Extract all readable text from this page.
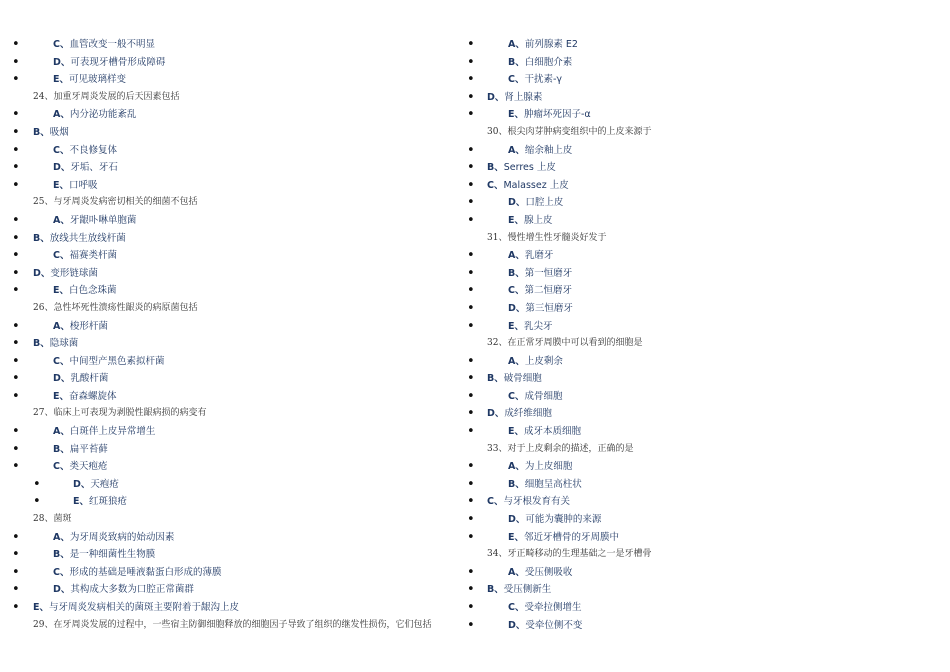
•	C、血管改变一般不明显
•	D、可表现牙槽骨形成障碍
•	E、可见玻璃样变
24、加重牙周炎发展的后天因素包括
•	A、内分泌功能紊乱
• B、吸烟
•	C、不良修复体
•	D、牙垢、牙石
•	E、口呼吸
25、与牙周炎发病密切相关的细菌不包括
•	A、牙龈卟啉单胞菌
• B、放线共生放线杆菌
•	C、福赛类杆菌
• D、变形链球菌
•	E、白色念珠菌
26、急性坏死性溃疡性龈炎的病原菌包括
•	A、梭形杆菌
• B、隐球菌
•	C、中间型产黑色素拟杆菌
•	D、乳酸杆菌
•	E、奋森螺旋体
27、临床上可表现为剥脱性龈病损的病变有
•	A、白斑伴上皮异常增生
•	B、扁平苔藓
•	C、类天疱疮
•	D、天疱疮
•	E、红斑狼疮
28、菌斑
•	A、为牙周炎致病的始动因素
•	B、是一种细菌性生物膜
•	C、形成的基础是唾液黏蛋白形成的薄膜
•	D、其构成大多数为口腔正常菌群
• E、与牙周炎发病相关的菌斑主要附着于龈沟上皮
29、在牙周炎发展的过程中，一些宿主防御细胞释放的细胞因子导致了组织的继发性损伤，它们包括
•	A、前列腺素 E2
•	B、白细胞介素
•	C、干扰素-γ
• D、肾上腺素
•	E、肿瘤坏死因子-α
30、根尖肉芽肿病变组织中的上皮来源于
•	A、缩余釉上皮
• B、Serres 上皮
• C、Malassez 上皮
•	D、口腔上皮
•	E、腺上皮
31、慢性增生性牙髓炎好发于
•	A、乳磨牙
•	B、第一恒磨牙
•	C、第二恒磨牙
•	D、第三恒磨牙
•	E、乳尖牙
32、在正常牙周膜中可以看到的细胞是
•	A、上皮剩余
• B、破骨细胞
•	C、成骨细胞
• D、成纤维细胞
•	E、成牙本质细胞
33、对于上皮剩余的描述，正确的是
•	A、为上皮细胞
•	B、细胞呈高柱状
• C、与牙根发育有关
•	D、可能为囊肿的来源
•	E、邻近牙槽骨的牙周膜中
34、牙正畸移动的生理基础之一是牙槽骨
•	A、受压侧吸收
• B、受压侧新生
•	C、受牵拉侧增生
•	D、受牵位侧不变
